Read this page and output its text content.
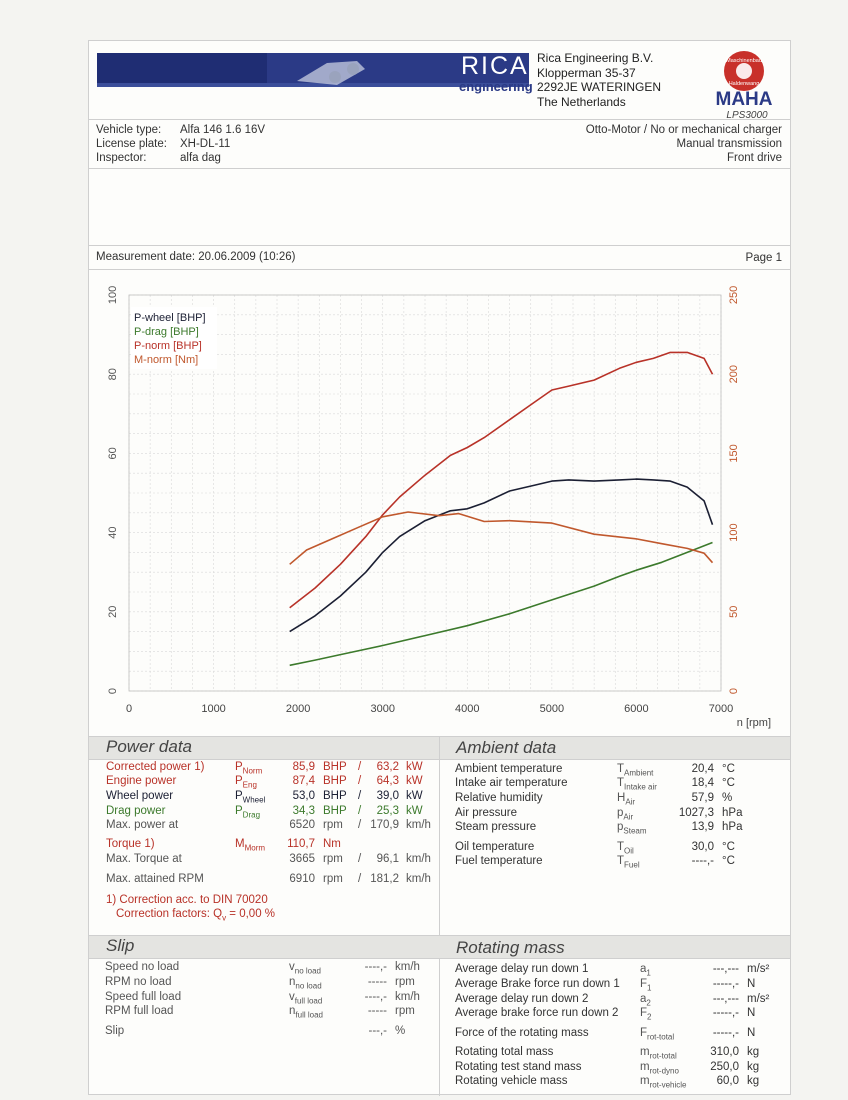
RICA
engineering
Rica Engineering B.V.
Klopperman 35-37
2292JE WATERINGEN
The Netherlands
Maschinenbau
Haldenwang
MAHA
LPS3000
Vehicle type: Alfa 146 1.6 16V
License plate: XH-DL-11
Inspector:	alfa dag
Otto-Motor / No or mechanical charger
Manual transmission
Front drive
Measurement date: 20.06.2009 (10:26)	Page 1
0	1000	2000	3000	4000	5000	6000	7000
n [rpm]
0
20
40
60
80
100
0
50
100
150
200
250
P-wheel [BHP]
P-drag [BHP]
P-norm [BHP]
M-norm [Nm]
Power data	Ambient data
Corrected power 1)	$P_{Norm}$	85,9 BHP /	63,2 kW
Engine power	$P_{Eng}$	87,4 BHP /	64,3 kW
Wheel power	$P_{Wheel}$	53,0 BHP /	39,0 kW
Drag power	$P_{Drag}$	34,3 BHP /	25,3 kW
Max. power at	6520 rpm / 170,9 km/h
Torque 1)	$M_{Morm}$	110,7 Nm
Max. Torque at	3665 rpm /	96,1 km/h
Max. attained RPM	6910 rpm / 181,2 km/h
1) Correction acc. to DIN 70020
Correction factors: $Q_v = 0,00$ %
Ambient temperature	$T_{Ambient}$	20,4 °C
Intake air temperature	$T_{Intake air}$	18,4 °C
Relative humidity	$H_{Air}$	57,9 %
Air pressure	$p_{Air}$	1027,3 hPa
Steam pressure	$p_{Steam}$	13,9 hPa
Oil temperature	$T_{Oil}$	30,0 °C
Fuel temperature	$T_{Fuel}$	----,- °C
Slip	Rotating mass
Speed no load	$v_{no load}$	----,- km/h
RPM no load	$n_{no load}$	----- rpm
Speed full load	$v_{full load}$	----,- km/h
RPM full load	$n_{full load}$	----- rpm
Slip	---,- %
Average delay run down 1	$a_1$	---,--- m/s²
Average Brake force run down 1 $F_1$	-----,- N
Average delay run down 2	$a_2$	---,--- m/s²
Average brake force run down 2 $F_2$	-----,- N
Force of the rotating mass	$F_{rot-total}$	-----,- N
Rotating total mass	$m_{rot-total}$	310,0 kg
Rotating test stand mass	$m_{rot-dyno}$	250,0 kg
Rotating vehicle mass	$m_{rot-vehicle}$	60,0 kg
